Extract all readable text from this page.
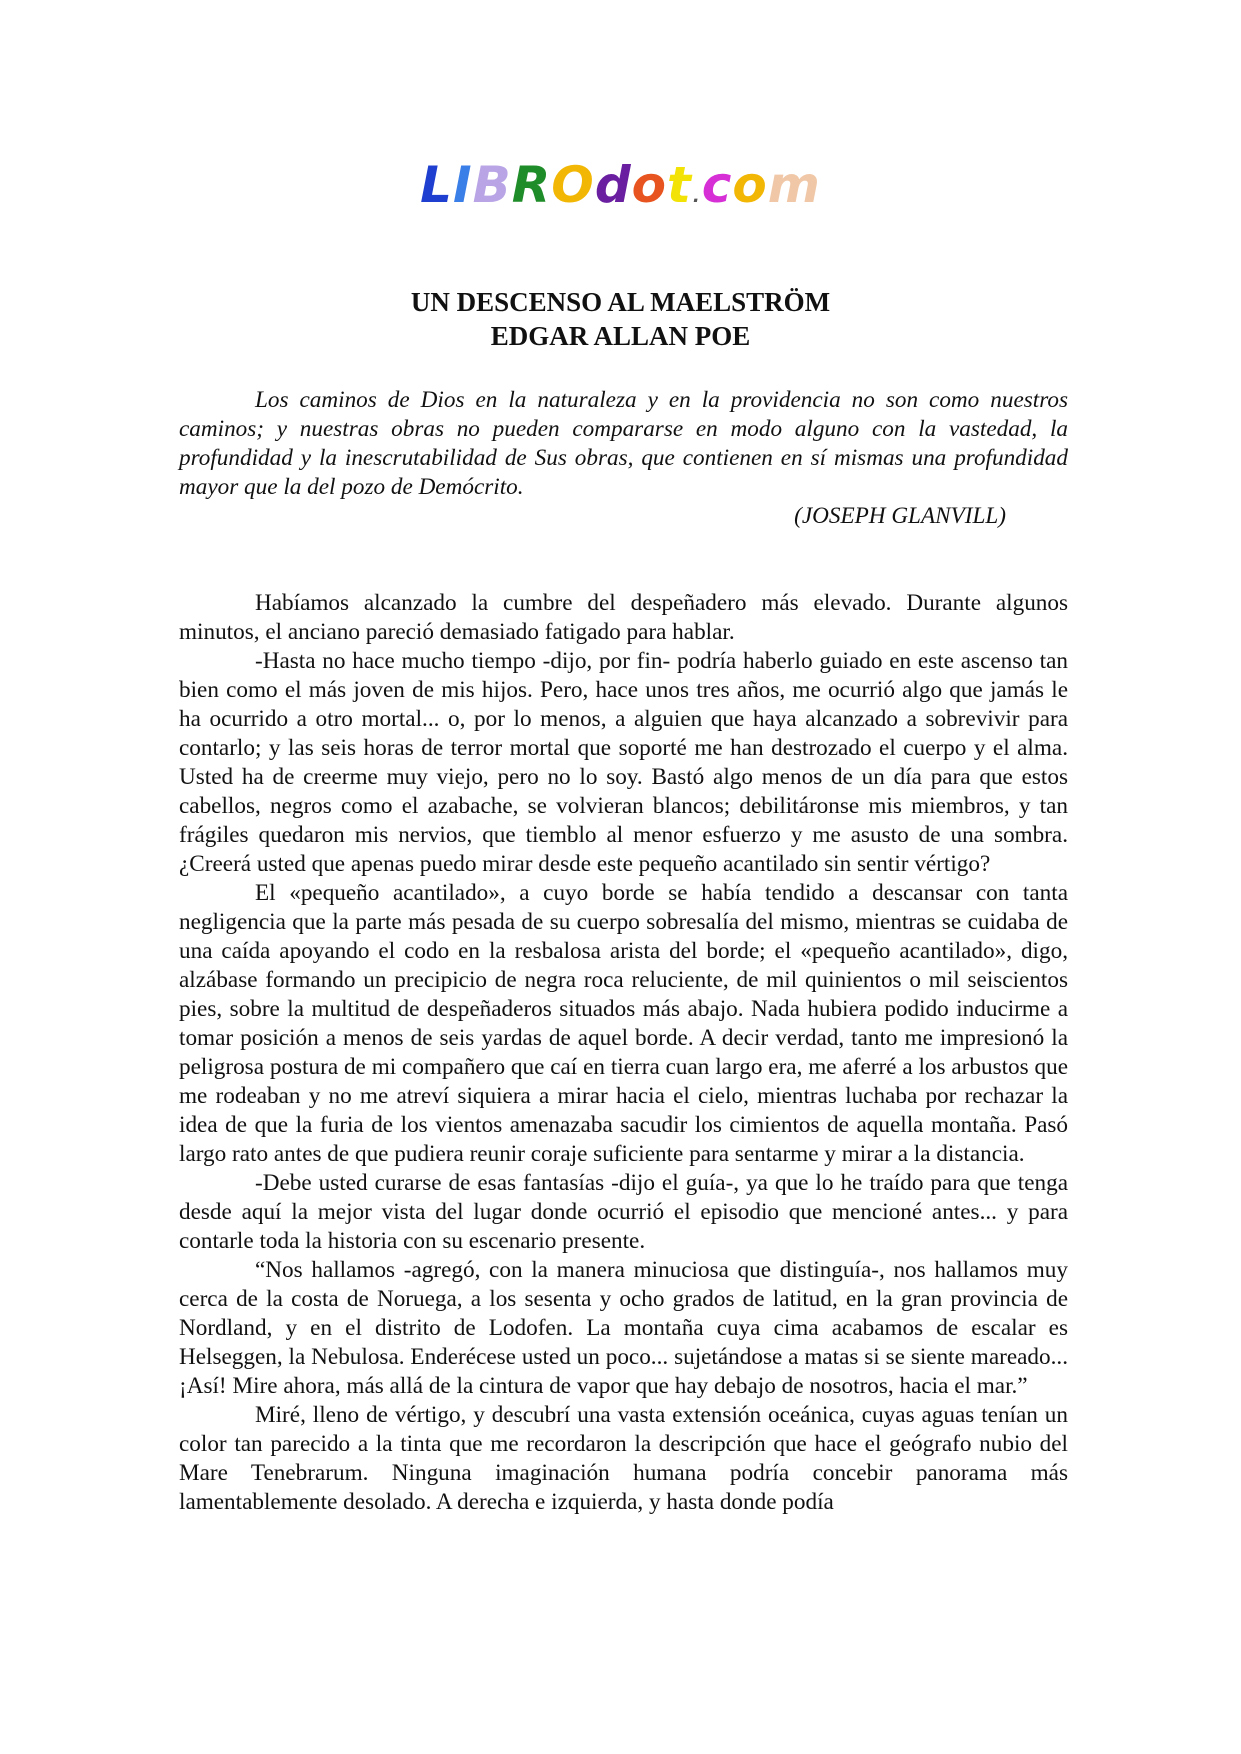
LIBROdot.com
UN DESCENSO AL MAELSTRÖM
EDGAR ALLAN POE

Los caminos de Dios en la naturaleza y en la providencia no son como nuestros caminos; y nuestras obras no pueden compararse en modo alguno con la vastedad, la profundidad y la inescrutabilidad de Sus obras, que contienen en sí mismas una profundidad mayor que la del pozo de Demócrito.

(JOSEPH GLANVILL)

Habíamos alcanzado la cumbre del despeñadero más elevado. Durante algunos minutos, el anciano pareció demasiado fatigado para hablar.

-Hasta no hace mucho tiempo -dijo, por fin- podría haberlo guiado en este ascenso tan bien como el más joven de mis hijos. Pero, hace unos tres años, me ocurrió algo que jamás le ha ocurrido a otro mortal... o, por lo menos, a alguien que haya alcanzado a sobrevivir para contarlo; y las seis horas de terror mortal que soporté me han destrozado el cuerpo y el alma. Usted ha de creerme muy viejo, pero no lo soy. Bastó algo menos de un día para que estos cabellos, negros como el azabache, se volvieran blancos; debilitáronse mis miembros, y tan frágiles quedaron mis nervios, que tiemblo al menor esfuerzo y me asusto de una sombra. ¿Creerá usted que apenas puedo mirar desde este pequeño acantilado sin sentir vértigo?

El «pequeño acantilado», a cuyo borde se había tendido a descansar con tanta negligencia que la parte más pesada de su cuerpo sobresalía del mismo, mientras se cuidaba de una caída apoyando el codo en la resbalosa arista del borde; el «pequeño acantilado», digo, alzábase formando un precipicio de negra roca reluciente, de mil quinientos o mil seiscientos pies, sobre la multitud de despeñaderos situados más abajo. Nada hubiera podido inducirme a tomar posición a menos de seis yardas de aquel borde. A decir verdad, tanto me impresionó la peligrosa postura de mi compañero que caí en tierra cuan largo era, me aferré a los arbustos que me rodeaban y no me atreví siquiera a mirar hacia el cielo, mientras luchaba por rechazar la idea de que la furia de los vientos amenazaba sacudir los cimientos de aquella montaña. Pasó largo rato antes de que pudiera reunir coraje suficiente para sentarme y mirar a la distancia.

-Debe usted curarse de esas fantasías -dijo el guía-, ya que lo he traído para que tenga desde aquí la mejor vista del lugar donde ocurrió el episodio que mencioné antes... y para contarle toda la historia con su escenario presente.

“Nos hallamos -agregó, con la manera minuciosa que distinguía-, nos hallamos muy cerca de la costa de Noruega, a los sesenta y ocho grados de latitud, en la gran provincia de Nordland, y en el distrito de Lodofen. La montaña cuya cima acabamos de escalar es Helseggen, la Nebulosa. Enderécese usted un poco... sujetándose a matas si se siente mareado... ¡Así! Mire ahora, más allá de la cintura de vapor que hay debajo de nosotros, hacia el mar.”

Miré, lleno de vértigo, y descubrí una vasta extensión oceánica, cuyas aguas tenían un color tan parecido a la tinta que me recordaron la descripción que hace el geógrafo nubio del Mare Tenebrarum. Ninguna imaginación humana podría concebir panorama más lamentablemente desolado. A derecha e izquierda, y hasta donde podía
